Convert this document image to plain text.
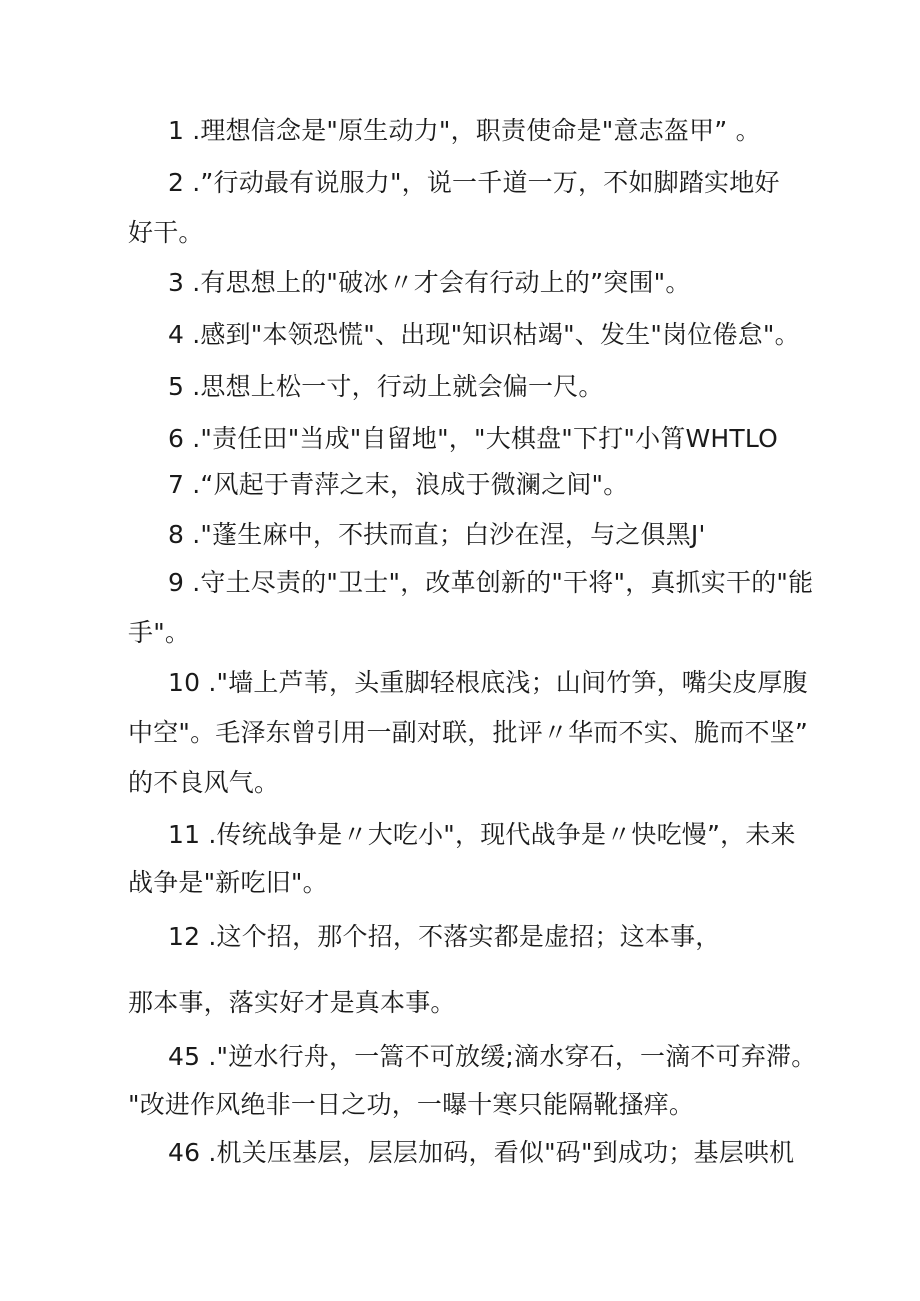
1 .理想信念是"原生动力"，职责使命是"意志盔甲” 。
2 .”行动最有说服力"，说一千道一万，不如脚踏实地好
好干。
3 .有思想上的"破冰〃才会有行动上的”突围"。
4 .感到"本领恐慌"、出现"知识枯竭"、发生"岗位倦怠"。
5 .思想上松一寸，行动上就会偏一尺。
6 ."责任田"当成"自留地"，"大棋盘"下打"小筲WHTLO
7 .“风起于青萍之末，浪成于微澜之间"。
8 ."蓬生麻中，不扶而直；白沙在涅，与之俱黑J'
9 .守土尽责的"卫士"，改革创新的"干将"，真抓实干的"能
手"。
10 ."墙上芦苇，头重脚轻根底浅；山间竹笋，嘴尖皮厚腹
中空"。毛泽东曾引用一副对联，批评〃华而不实、脆而不坚”
的不良风气。
11 .传统战争是〃大吃小"，现代战争是〃快吃慢”，未来
战争是"新吃旧"。
12 .这个招，那个招，不落实都是虚招；这本事，
那本事，落实好才是真本事。
45 ."逆水行舟，一篙不可放缓;滴水穿石，一滴不可弃滞。
"改进作风绝非一日之功，一曝十寒只能隔靴搔痒。
46 .机关压基层，层层加码，看似"码"到成功；基层哄机
